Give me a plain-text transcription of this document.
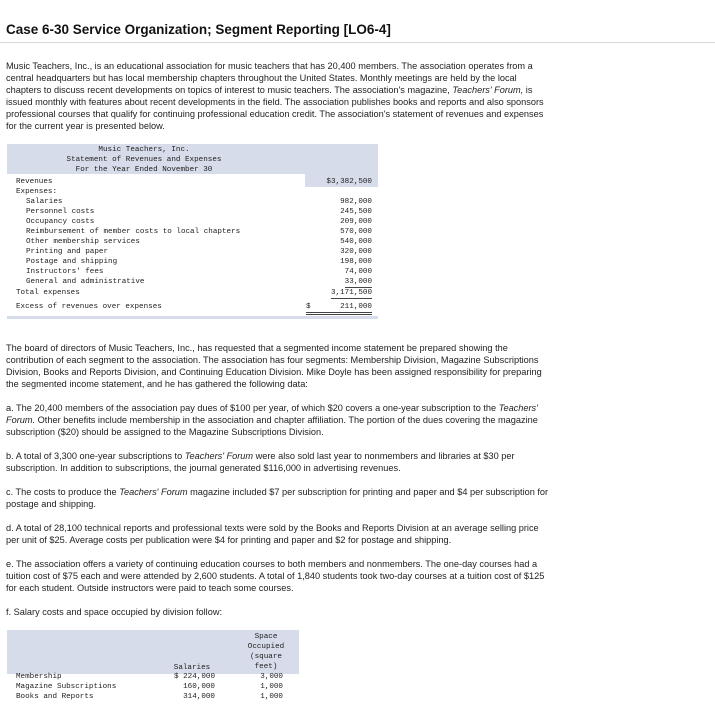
Case 6-30 Service Organization; Segment Reporting [LO6-4]
Music Teachers, Inc., is an educational association for music teachers that has 20,400 members. The association operates from a
central headquarters but has local membership chapters throughout the United States. Monthly meetings are held by the local
chapters to discuss recent developments on topics of interest to music teachers. The association's magazine, Teachers' Forum, is
issued monthly with features about recent developments in the field. The association publishes books and reports and also sponsors
professional courses that qualify for continuing professional education credit. The association's statement of revenues and expenses
for the current year is presented below.
Music Teachers, Inc.
Statement of Revenues and Expenses
For the Year Ended November 30
Revenues	$3,382,500
Expenses:
Salaries	982,000
Personnel costs	245,500
Occupancy costs	209,000
Reimbursement of member costs to local chapters	570,000
Other membership services	540,000
Printing and paper	320,000
Postage and shipping	198,000
Instructors' fees	74,000
General and administrative	33,000
Total expenses	3,171,500
Excess of revenues over expenses	$	211,000

The board of directors of Music Teachers, Inc., has requested that a segmented income statement be prepared showing the
contribution of each segment to the association. The association has four segments: Membership Division, Magazine Subscriptions
Division, Books and Reports Division, and Continuing Education Division. Mike Doyle has been assigned responsibility for preparing
the segmented income statement, and he has gathered the following data:
a. The 20,400 members of the association pay dues of $100 per year, of which $20 covers a one-year subscription to the Teachers'
Forum. Other benefits include membership in the association and chapter affiliation. The portion of the dues covering the magazine
subscription ($20) should be assigned to the Magazine Subscriptions Division.
b. A total of 3,300 one-year subscriptions to Teachers' Forum were also sold last year to nonmembers and libraries at $30 per
subscription. In addition to subscriptions, the journal generated $116,000 in advertising revenues.
c. The costs to produce the Teachers' Forum magazine included $7 per subscription for printing and paper and $4 per subscription for
postage and shipping.
d. A total of 28,100 technical reports and professional texts were sold by the Books and Reports Division at an average selling price
per unit of $25. Average costs per publication were $4 for printing and paper and $2 for postage and shipping.
e. The association offers a variety of continuing education courses to both members and nonmembers. The one-day courses had a
tuition cost of $75 each and were attended by 2,600 students. A total of 1,840 students took two-day courses at a tuition cost of $125
for each student. Outside instructors were paid to teach some courses.
f. Salary costs and space occupied by division follow:
Salaries
Space
Occupied
(square
feet)
Membership	$ 224,000	3,000
Magazine Subscriptions	160,000	1,000
Books and Reports	314,000	1,000
